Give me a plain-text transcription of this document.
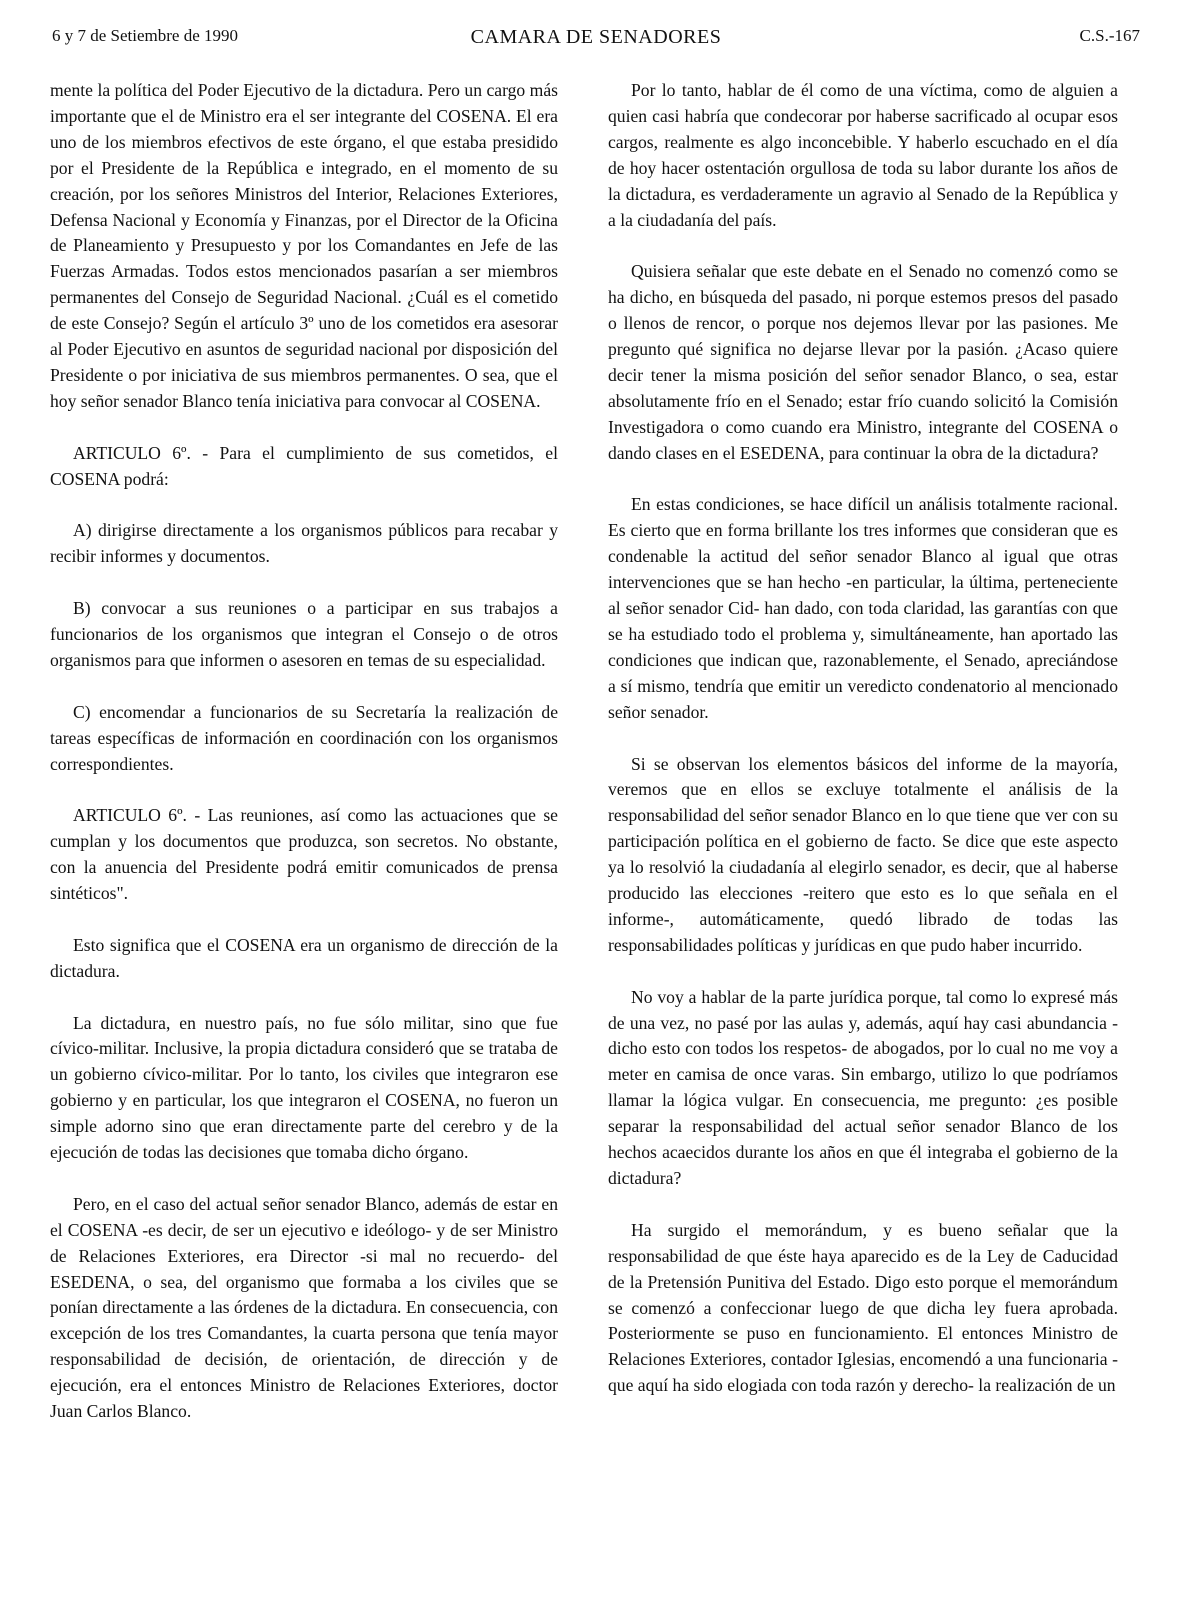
6 y 7 de Setiembre de 1990	CAMARA DE SENADORES	C.S.-167

mente la política del Poder Ejecutivo de la dictadura. Pero un cargo más importante que el de Ministro era el ser integrante del COSENA. El era uno de los miembros efectivos de este órgano, el que estaba presidido por el Presidente de la República e integrado, en el momento de su creación, por los señores Ministros del Interior, Relaciones Exteriores, Defensa Nacional y Economía y Finanzas, por el Director de la Oficina de Planeamiento y Presupuesto y por los Comandantes en Jefe de las Fuerzas Armadas. Todos estos mencionados pasarían a ser miembros permanentes del Consejo de Seguridad Nacional. ¿Cuál es el cometido de este Consejo? Según el artículo 3º uno de los cometidos era asesorar al Poder Ejecutivo en asuntos de seguridad nacional por disposición del Presidente o por iniciativa de sus miembros permanentes. O sea, que el hoy señor senador Blanco tenía iniciativa para convocar al COSENA.

ARTICULO 6º. - Para el cumplimiento de sus cometidos, el COSENA podrá:

A) dirigirse directamente a los organismos públicos para recabar y recibir informes y documentos.

B) convocar a sus reuniones o a participar en sus trabajos a funcionarios de los organismos que integran el Consejo o de otros organismos para que informen o asesoren en temas de su especialidad.

C) encomendar a funcionarios de su Secretaría la realización de tareas específicas de información en coordinación con los organismos correspondientes.

ARTICULO 6º. - Las reuniones, así como las actuaciones que se cumplan y los documentos que produzca, son secretos. No obstante, con la anuencia del Presidente podrá emitir comunicados de prensa sintéticos".

Esto significa que el COSENA era un organismo de dirección de la dictadura.

La dictadura, en nuestro país, no fue sólo militar, sino que fue cívico-militar. Inclusive, la propia dictadura consideró que se trataba de un gobierno cívico-militar. Por lo tanto, los civiles que integraron ese gobierno y en particular, los que integraron el COSENA, no fueron un simple adorno sino que eran directamente parte del cerebro y de la ejecución de todas las decisiones que tomaba dicho órgano.

Pero, en el caso del actual señor senador Blanco, además de estar en el COSENA -es decir, de ser un ejecutivo e ideólogo- y de ser Ministro de Relaciones Exteriores, era Director -si mal no recuerdo- del ESEDENA, o sea, del organismo que formaba a los civiles que se ponían directamente a las órdenes de la dictadura. En consecuencia, con excepción de los tres Comandantes, la cuarta persona que tenía mayor responsabilidad de decisión, de orientación, de dirección y de ejecución, era el entonces Ministro de Relaciones Exteriores, doctor Juan Carlos Blanco.

Por lo tanto, hablar de él como de una víctima, como de alguien a quien casi habría que condecorar por haberse sacrificado al ocupar esos cargos, realmente es algo inconcebible. Y haberlo escuchado en el día de hoy hacer ostentación orgullosa de toda su labor durante los años de la dictadura, es verdaderamente un agravio al Senado de la República y a la ciudadanía del país.

Quisiera señalar que este debate en el Senado no comenzó como se ha dicho, en búsqueda del pasado, ni porque estemos presos del pasado o llenos de rencor, o porque nos dejemos llevar por las pasiones. Me pregunto qué significa no dejarse llevar por la pasión. ¿Acaso quiere decir tener la misma posición del señor senador Blanco, o sea, estar absolutamente frío en el Senado; estar frío cuando solicitó la Comisión Investigadora o como cuando era Ministro, integrante del COSENA o dando clases en el ESEDENA, para continuar la obra de la dictadura?

En estas condiciones, se hace difícil un análisis totalmente racional. Es cierto que en forma brillante los tres informes que consideran que es condenable la actitud del señor senador Blanco al igual que otras intervenciones que se han hecho -en particular, la última, perteneciente al señor senador Cid- han dado, con toda claridad, las garantías con que se ha estudiado todo el problema y, simultáneamente, han aportado las condiciones que indican que, razonablemente, el Senado, apreciándose a sí mismo, tendría que emitir un veredicto condenatorio al mencionado señor senador.

Si se observan los elementos básicos del informe de la mayoría, veremos que en ellos se excluye totalmente el análisis de la responsabilidad del señor senador Blanco en lo que tiene que ver con su participación política en el gobierno de facto. Se dice que este aspecto ya lo resolvió la ciudadanía al elegirlo senador, es decir, que al haberse producido las elecciones -reitero que esto es lo que señala en el informe-, automáticamente, quedó librado de todas las responsabilidades políticas y jurídicas en que pudo haber incurrido.

No voy a hablar de la parte jurídica porque, tal como lo expresé más de una vez, no pasé por las aulas y, además, aquí hay casi abundancia -dicho esto con todos los respetos- de abogados, por lo cual no me voy a meter en camisa de once varas. Sin embargo, utilizo lo que podríamos llamar la lógica vulgar. En consecuencia, me pregunto: ¿es posible separar la responsabilidad del actual señor senador Blanco de los hechos acaecidos durante los años en que él integraba el gobierno de la dictadura?

Ha surgido el memorándum, y es bueno señalar que la responsabilidad de que éste haya aparecido es de la Ley de Caducidad de la Pretensión Punitiva del Estado. Digo esto porque el memorándum se comenzó a confeccionar luego de que dicha ley fuera aprobada. Posteriormente se puso en funcionamiento. El entonces Ministro de Relaciones Exteriores, contador Iglesias, encomendó a una funcionaria -que aquí ha sido elogiada con toda razón y derecho- la realización de un
